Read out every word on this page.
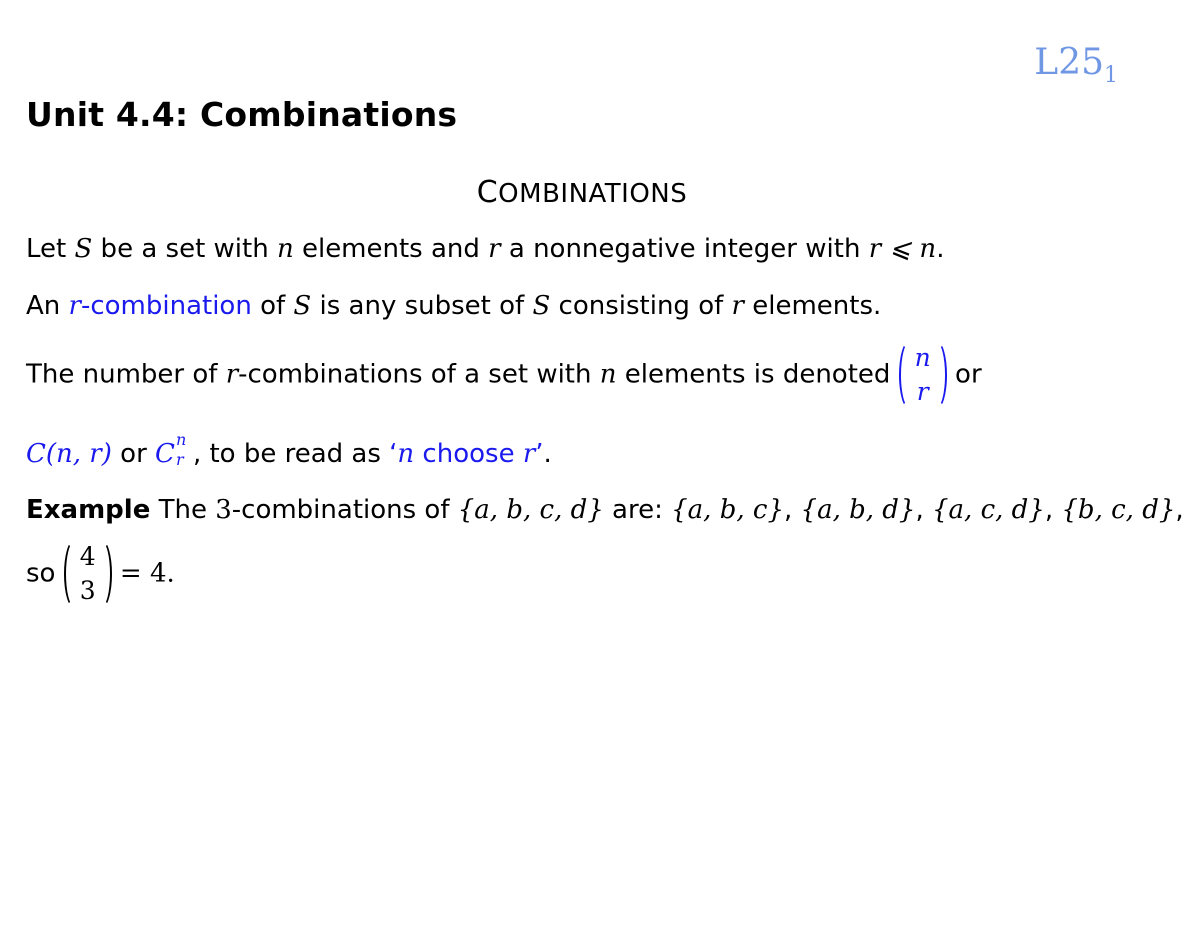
$L25_1$
Unit 4.4: Combinations
COMBINATIONS
Let S be a set with n elements and r a nonnegative integer with r ⩽ n.
An r-combination of S is any subset of S consisting of r elements.
The number of r-combinations of a set with n elements is denoted
n
r
or
C(n, r) or C n
r , to be read as ‘n choose r’.
Example The 3-combinations of {a, b, c, d} are: {a, b, c}, {a, b, d}, {a, c, d}, {b, c, d},
so
4
3
= 4.
